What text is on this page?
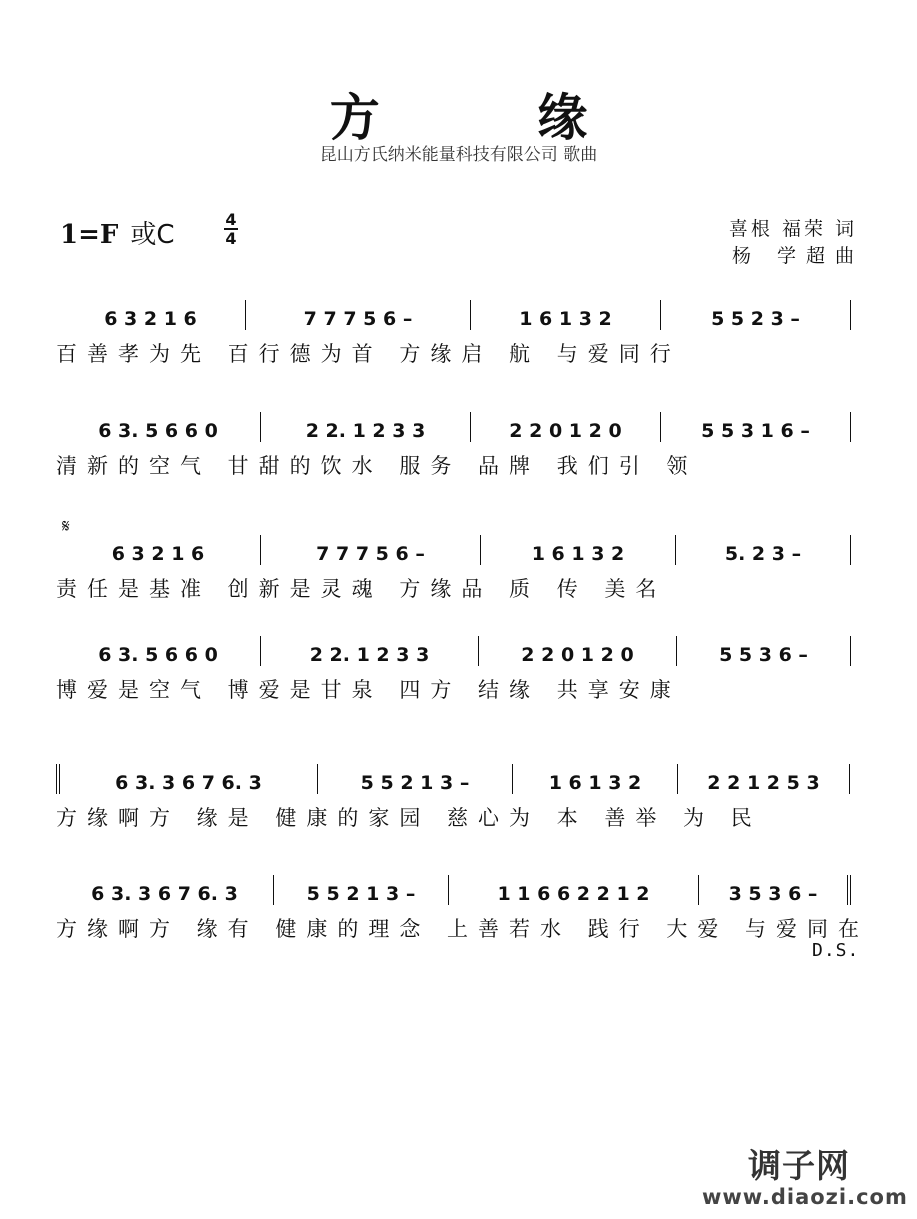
方 缘
昆山方氏纳米能量科技有限公司 歌曲
1=F 或C
4
4	喜根 福荣 词
杨 学超曲
𝄋
6 3 2 1 6	7 7 7 5 6 –	1 6 1 3 2	5 5 2 3 –
百善孝为先 百行德为首 方缘启 航 与爱同行
6 3. 5 6 6 0	2 2. 1 2 3 3	2 2 0 1 2 0	5 5 3 1 6 –
清新的空气 甘甜的饮水 服务 品牌 我们引 领
6 3 2 1 6	7 7 7 5 6 –	1 6 1 3 2	5. 2 3 –
责任是基准 创新是灵魂 方缘品 质 传 美名
6 3. 5 6 6 0	2 2. 1 2 3 3	2 2 0 1 2 0	5 5 3 6 –
博爱是空气 博爱是甘泉 四方 结缘 共享安康
6 3. 3 6 7 6. 3	5 5 2 1 3 –	1 6 1 3 2	2 2 1 2 5 3
方缘啊方 缘是 健康的家园 慈心为 本 善举 为 民
6 3. 3 6 7 6. 3	5 5 2 1 3 –	1 1 6 6 2 2 1 2	3 5 3 6 –
方缘啊方 缘有 健康的理念 上善若水 践行 大爱 与爱同在
D.S.
调子网
www.diaozi.com
